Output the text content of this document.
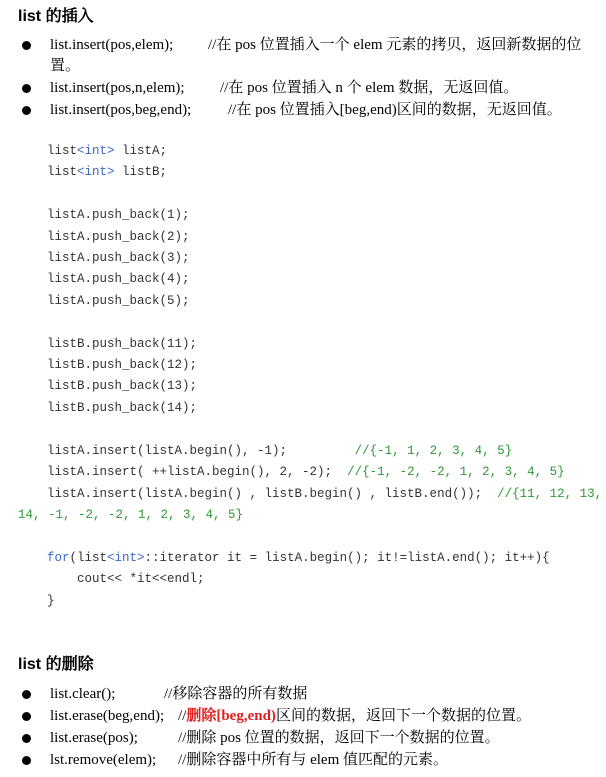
list 的插入
list.insert(pos,elem); //在 pos 位置插入一个 elem 元素的拷贝，返回新数据的位置。
list.insert(pos,n,elem); //在 pos 位置插入 n 个 elem 数据，无返回值。
list.insert(pos,beg,end); //在 pos 位置插入[beg,end)区间的数据，无返回值。
list<int> listA;
list<int> listB;

listA.push_back(1);
listA.push_back(2);
listA.push_back(3);
listA.push_back(4);
listA.push_back(5);

listB.push_back(11);
listB.push_back(12);
listB.push_back(13);
listB.push_back(14);

listA.insert(listA.begin(), -1);         //{-1, 1, 2, 3, 4, 5}
listA.insert( ++listA.begin(), 2, -2);  //{-1, -2, -2, 1, 2, 3, 4, 5}
listA.insert(listA.begin() , listB.begin() , listB.end());  //{11, 12, 13,
14, -1, -2, -2, 1, 2, 3, 4, 5}
for(list<int>::iterator it = listA.begin(); it!=listA.end(); it++){
cout<< *it<<endl;
}
list 的删除
list.clear();	//移除容器的所有数据
list.erase(beg,end); //删除[beg,end)区间的数据，返回下一个数据的位置。
list.erase(pos);	//删除 pos 位置的数据，返回下一个数据的位置。
lst.remove(elem); //删除容器中所有与 elem 值匹配的元素。
